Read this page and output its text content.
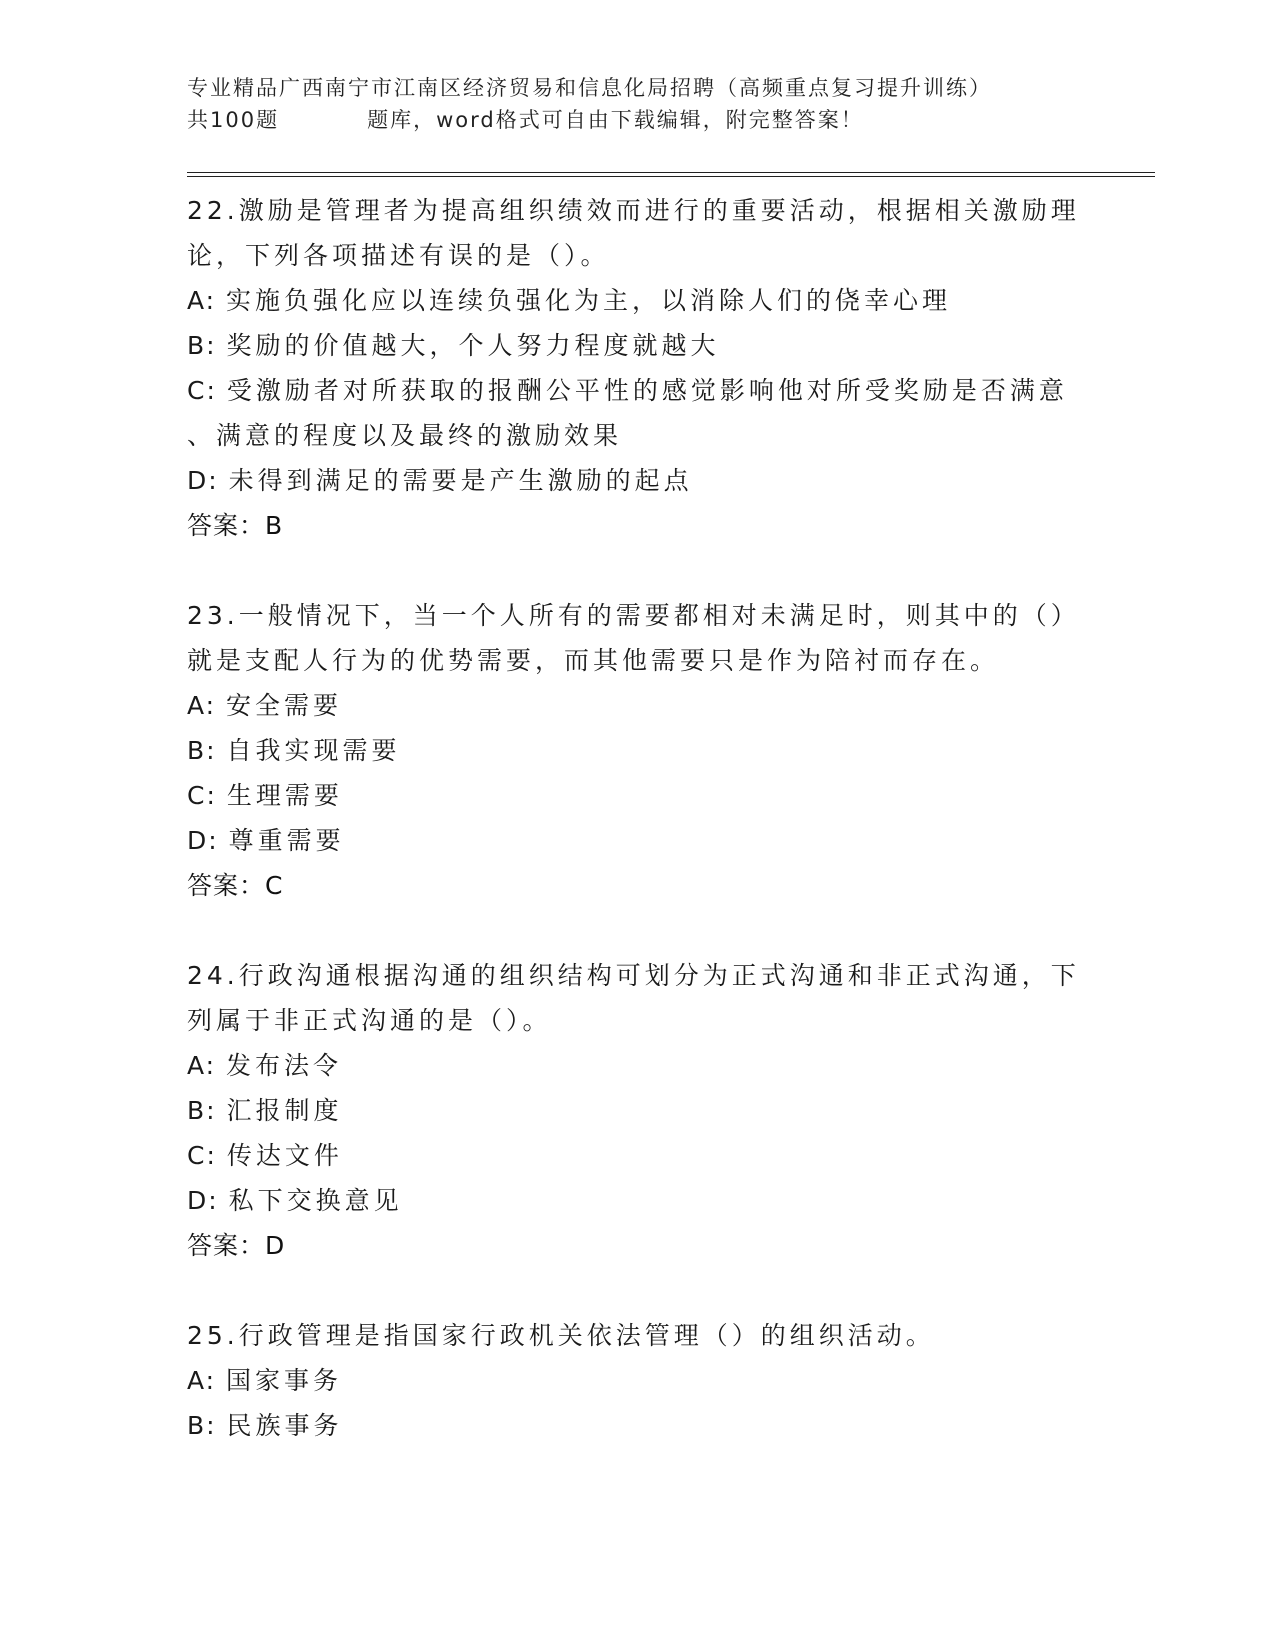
专业精品广西南宁市江南区经济贸易和信息化局招聘（高频重点复习提升训练）
共100题	题库，word格式可自由下载编辑，附完整答案！
22.激励是管理者为提高组织绩效而进行的重要活动，根据相关激励理
论，下列各项描述有误的是（）。
A: 实施负强化应以连续负强化为主，以消除人们的侥幸心理
B: 奖励的价值越大，个人努力程度就越大
C: 受激励者对所获取的报酬公平性的感觉影响他对所受奖励是否满意
、满意的程度以及最终的激励效果
D: 未得到满足的需要是产生激励的起点
答案：B
23.一般情况下，当一个人所有的需要都相对未满足时，则其中的（）
就是支配人行为的优势需要，而其他需要只是作为陪衬而存在。
A: 安全需要
B: 自我实现需要
C: 生理需要
D: 尊重需要
答案：C
24.行政沟通根据沟通的组织结构可划分为正式沟通和非正式沟通，下
列属于非正式沟通的是（）。
A: 发布法令
B: 汇报制度
C: 传达文件
D: 私下交换意见
答案：D
25.行政管理是指国家行政机关依法管理（）的组织活动。
A: 国家事务
B: 民族事务
